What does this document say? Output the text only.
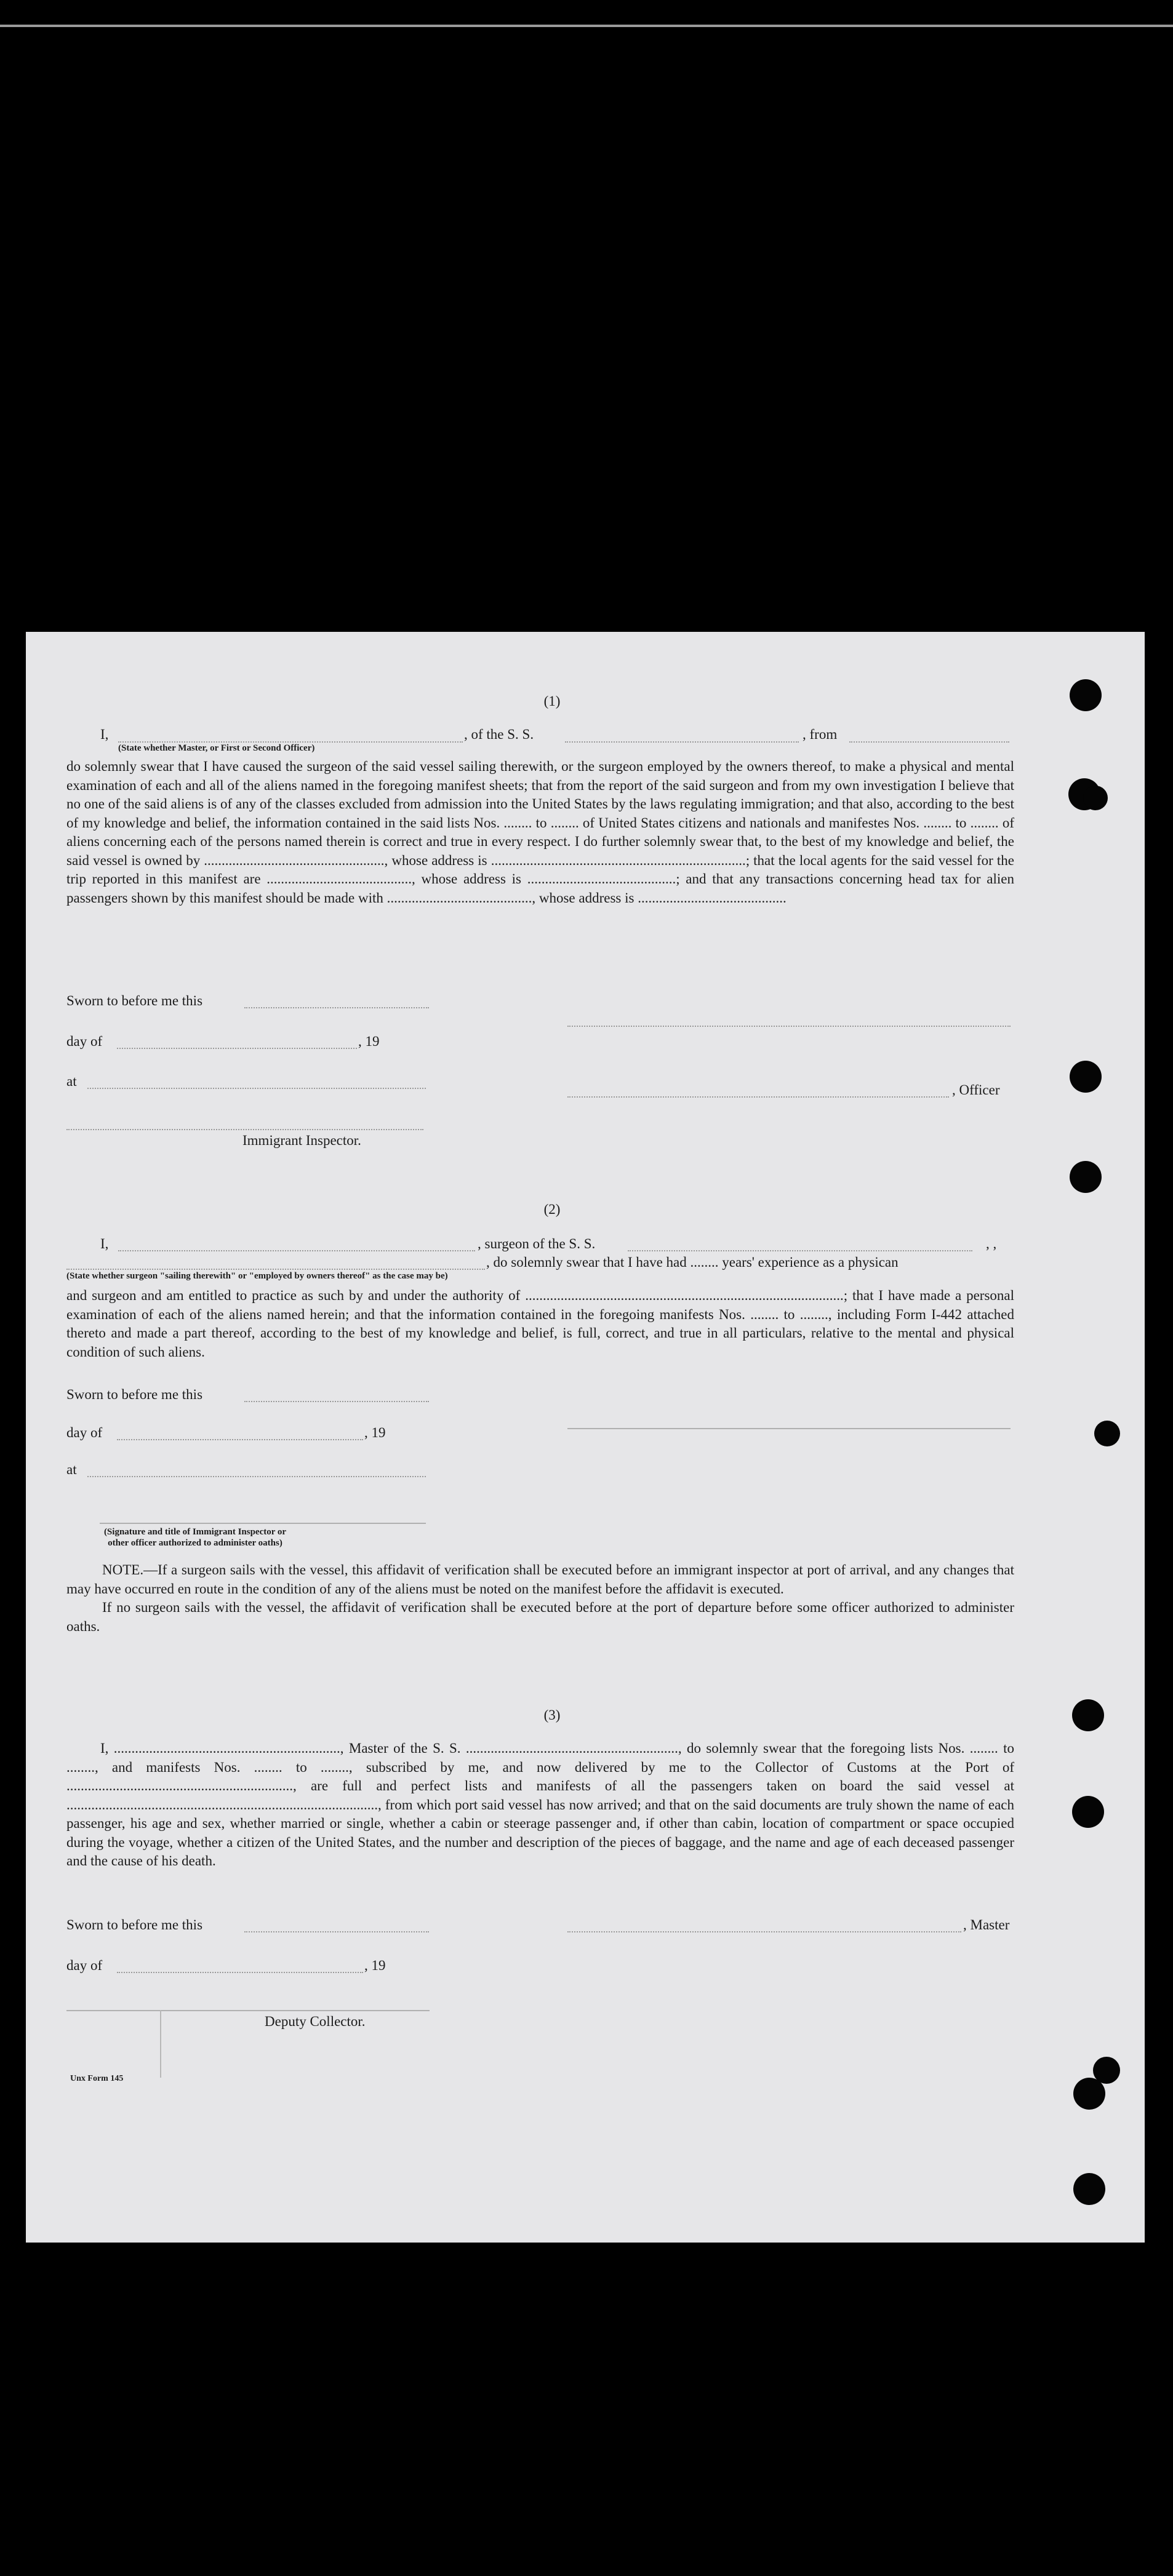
(1)
I,	, of the S. S.	, from
(State whether Master, or First or Second Officer)

do solemnly swear that I have caused the surgeon of the said vessel sailing therewith, or the surgeon employed by the owners thereof, to make a physical and mental examination of each and all of the aliens named in the foregoing manifest sheets; that from the report of the said surgeon and from my own investigation I believe that no one of the said aliens is of any of the classes excluded from admission into the United States by the laws regulating immigration; and that also, according to the best of my knowledge and belief, the information contained in the said lists Nos. ........ to ........ of United States citizens and nationals and manifestes Nos. ........ to ........ of aliens concerning each of the persons named therein is correct and true in every respect. I do further solemnly swear that, to the best of my knowledge and belief, the said vessel is owned by ..................................................., whose address is ........................................................................; that the local agents for the said vessel for the trip reported in this manifest are ........................................., whose address is ..........................................; and that any transactions concerning head tax for alien passengers shown by this manifest should be made with ........................................., whose address is ..........................................

Sworn to before me this
day of	, 19
at
, Officer
Immigrant Inspector.
(2)
I,	, surgeon of the S. S.	, ,
, do solemnly swear that I have had ........ years' experience as a physican
(State whether surgeon "sailing therewith" or "employed by owners thereof" as the case may be)

and surgeon and am entitled to practice as such by and under the authority of ..........................................................................................; that I have made a personal examination of each of the aliens named herein; and that the information contained in the foregoing manifests Nos. ........ to ........, including Form I-442 attached thereto and made a part thereof, according to the best of my knowledge and belief, is full, correct, and true in all particulars, relative to the mental and physical condition of such aliens.

Sworn to before me this
day of	, 19
at
(Signature and title of Immigrant Inspector or other officer authorized to administer oaths)

NOTE.—If a surgeon sails with the vessel, this affidavit of verification shall be executed before an immigrant inspector at port of arrival, and any changes that may have occurred en route in the condition of any of the aliens must be noted on the manifest before the affidavit is executed.

If no surgeon sails with the vessel, the affidavit of verification shall be executed before at the port of departure before some officer authorized to administer oaths.

(3)

I, ................................................................, Master of the S. S. ............................................................, do solemnly swear that the foregoing lists Nos. ........ to ........, and manifests Nos. ........ to ........, subscribed by me, and now delivered by me to the Collector of Customs at the Port of ................................................................, are full and perfect lists and manifests of all the passengers taken on board the said vessel at ........................................................................................, from which port said vessel has now arrived; and that on the said documents are truly shown the name of each passenger, his age and sex, whether married or single, whether a cabin or steerage passenger and, if other than cabin, location of compartment or space occupied during the voyage, whether a citizen of the United States, and the number and description of the pieces of baggage, and the name and age of each deceased passenger and the cause of his death.

Sworn to before me this	, Master
day of	, 19
Deputy Collector.
Unx Form 145
